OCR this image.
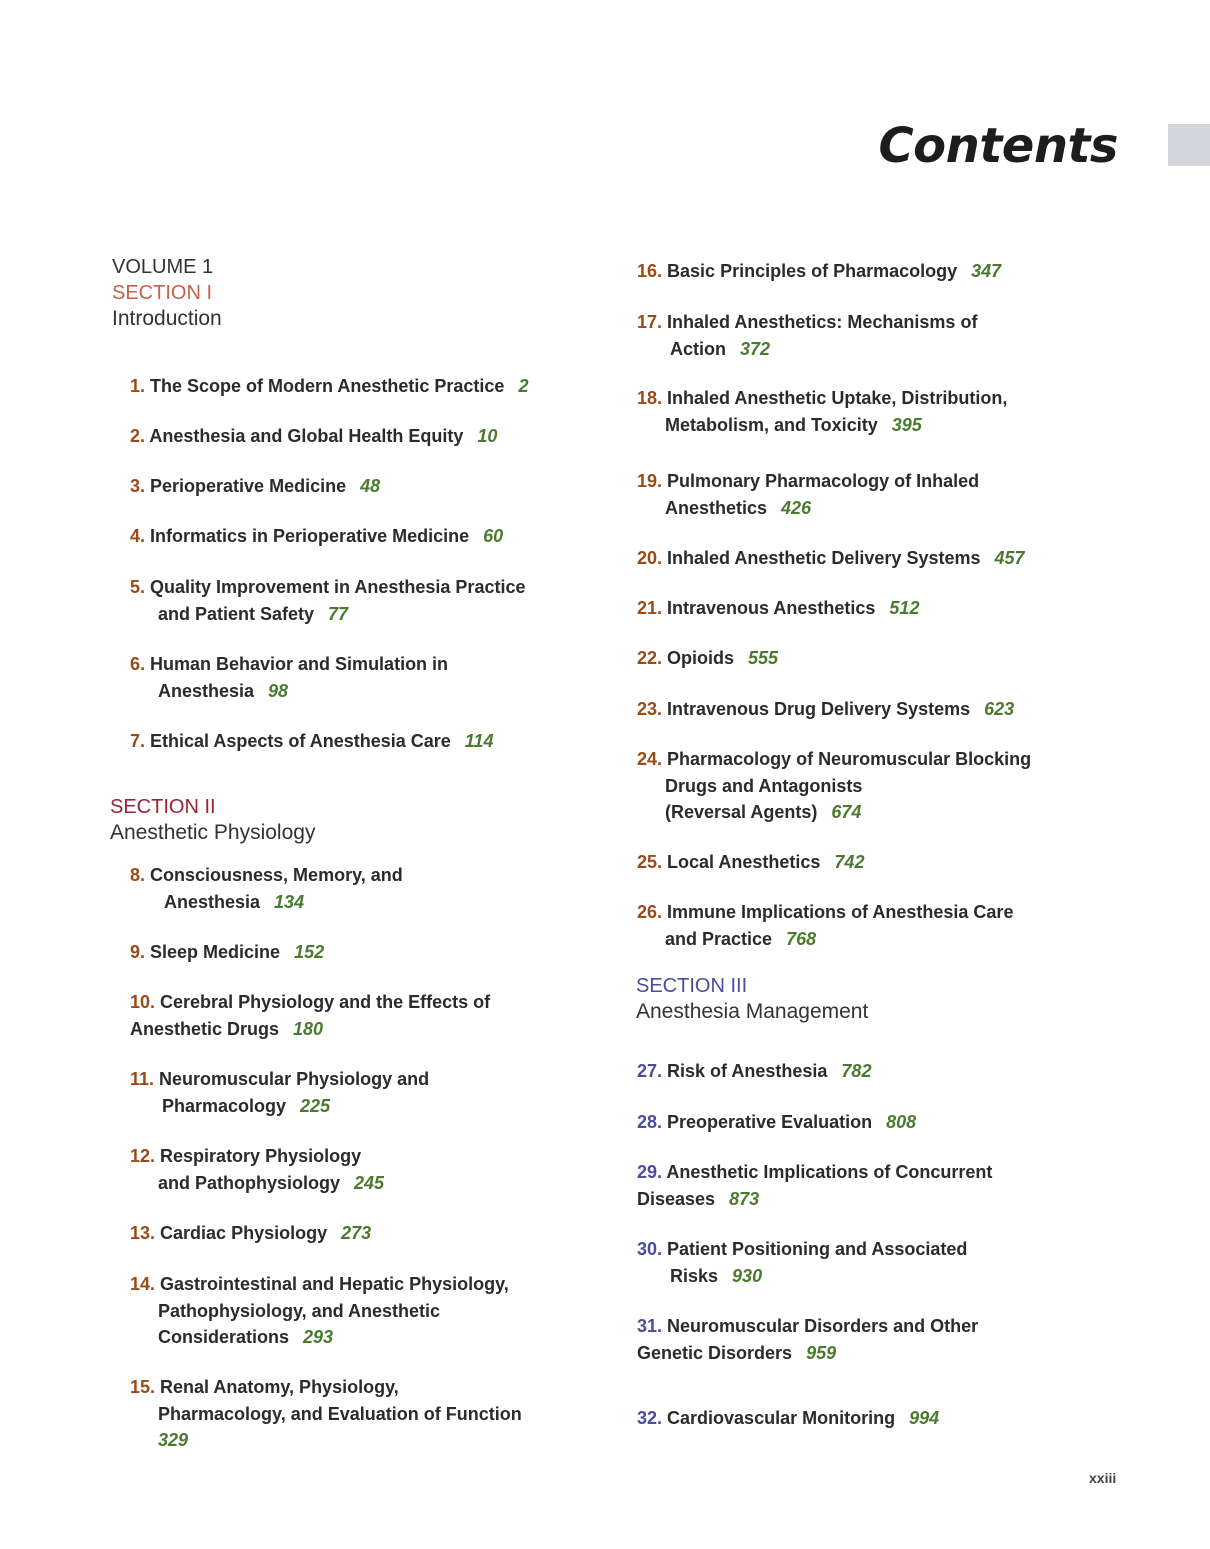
Contents
VOLUME 1
SECTION I
Introduction
SECTION II
Anesthetic Physiology
SECTION III
Anesthesia Management
1. The Scope of Modern Anesthetic Practice 2
2. Anesthesia and Global Health Equity 10
3. Perioperative Medicine 48
4. Informatics in Perioperative Medicine 60
5. Quality Improvement in Anesthesia Practice
and Patient Safety 77
6. Human Behavior and Simulation in
Anesthesia 98
7. Ethical Aspects of Anesthesia Care 114
8. Consciousness, Memory, and
Anesthesia 134
9. Sleep Medicine 152
10. Cerebral Physiology and the Effects of
Anesthetic Drugs 180
11. Neuromuscular Physiology and
Pharmacology 225
12. Respiratory Physiology
and Pathophysiology 245
13. Cardiac Physiology 273
14. Gastrointestinal and Hepatic Physiology,
Pathophysiology, and Anesthetic
Considerations 293
15. Renal Anatomy, Physiology,
Pharmacology, and Evaluation of Function
329
16. Basic Principles of Pharmacology 347
17. Inhaled Anesthetics: Mechanisms of
Action 372
18. Inhaled Anesthetic Uptake, Distribution,
Metabolism, and Toxicity 395
19. Pulmonary Pharmacology of Inhaled
Anesthetics 426
20. Inhaled Anesthetic Delivery Systems 457
21. Intravenous Anesthetics 512
22. Opioids 555
23. Intravenous Drug Delivery Systems 623
24. Pharmacology of Neuromuscular Blocking
Drugs and Antagonists
(Reversal Agents) 674
25. Local Anesthetics 742
26. Immune Implications of Anesthesia Care
and Practice 768
27. Risk of Anesthesia 782
28. Preoperative Evaluation 808
29. Anesthetic Implications of Concurrent
Diseases 873
30. Patient Positioning and Associated
Risks 930
31. Neuromuscular Disorders and Other
Genetic Disorders 959
32. Cardiovascular Monitoring 994
xxiii
